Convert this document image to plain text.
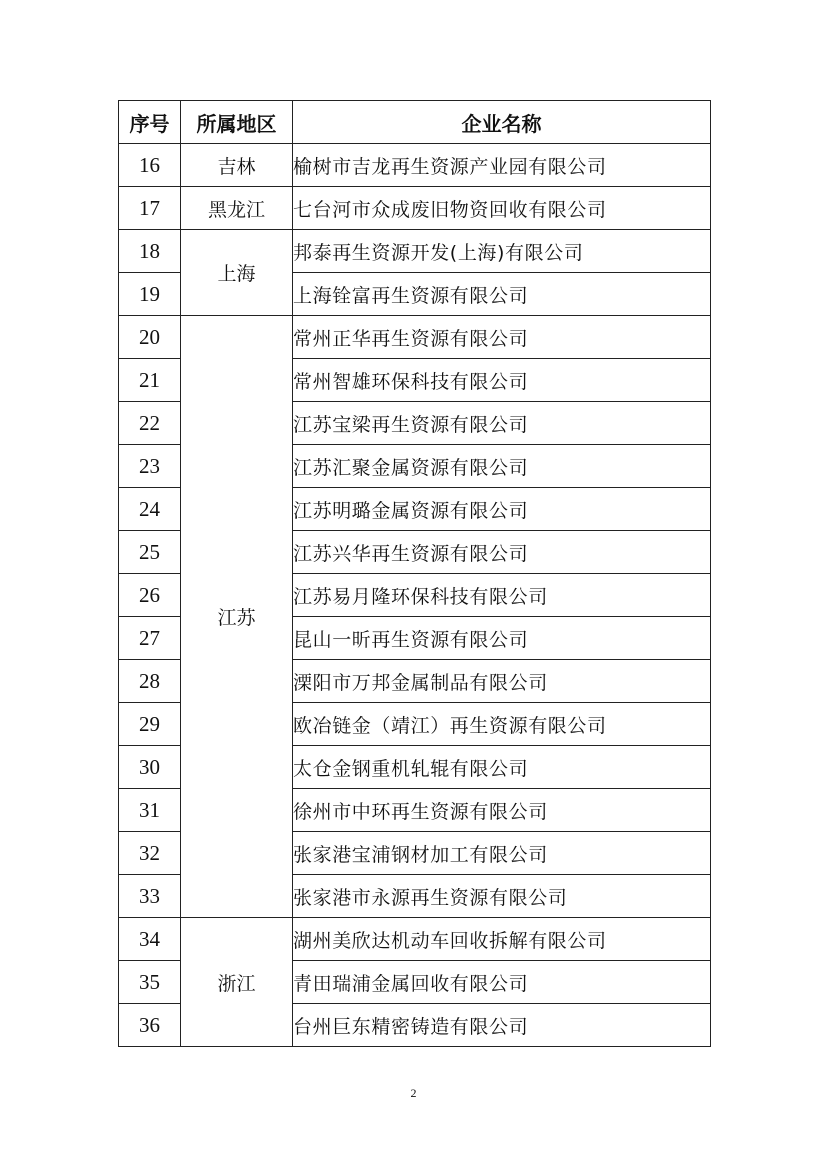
序号	所属地区	企业名称
16	吉林	榆树市吉龙再生资源产业园有限公司
17	黑龙江	七台河市众成废旧物资回收有限公司
18	上海	邦泰再生资源开发(上海)有限公司
19		上海铨富再生资源有限公司
20	江苏	常州正华再生资源有限公司
21		常州智雄环保科技有限公司
22		江苏宝梁再生资源有限公司
23		江苏汇聚金属资源有限公司
24		江苏明璐金属资源有限公司
25		江苏兴华再生资源有限公司
26		江苏易月隆环保科技有限公司
27		昆山一昕再生资源有限公司
28		溧阳市万邦金属制品有限公司
29		欧冶链金（靖江）再生资源有限公司
30		太仓金钢重机轧辊有限公司
31		徐州市中环再生资源有限公司
32		张家港宝浦钢材加工有限公司
33		张家港市永源再生资源有限公司
34	浙江	湖州美欣达机动车回收拆解有限公司
35		青田瑞浦金属回收有限公司
36		台州巨东精密铸造有限公司
2
